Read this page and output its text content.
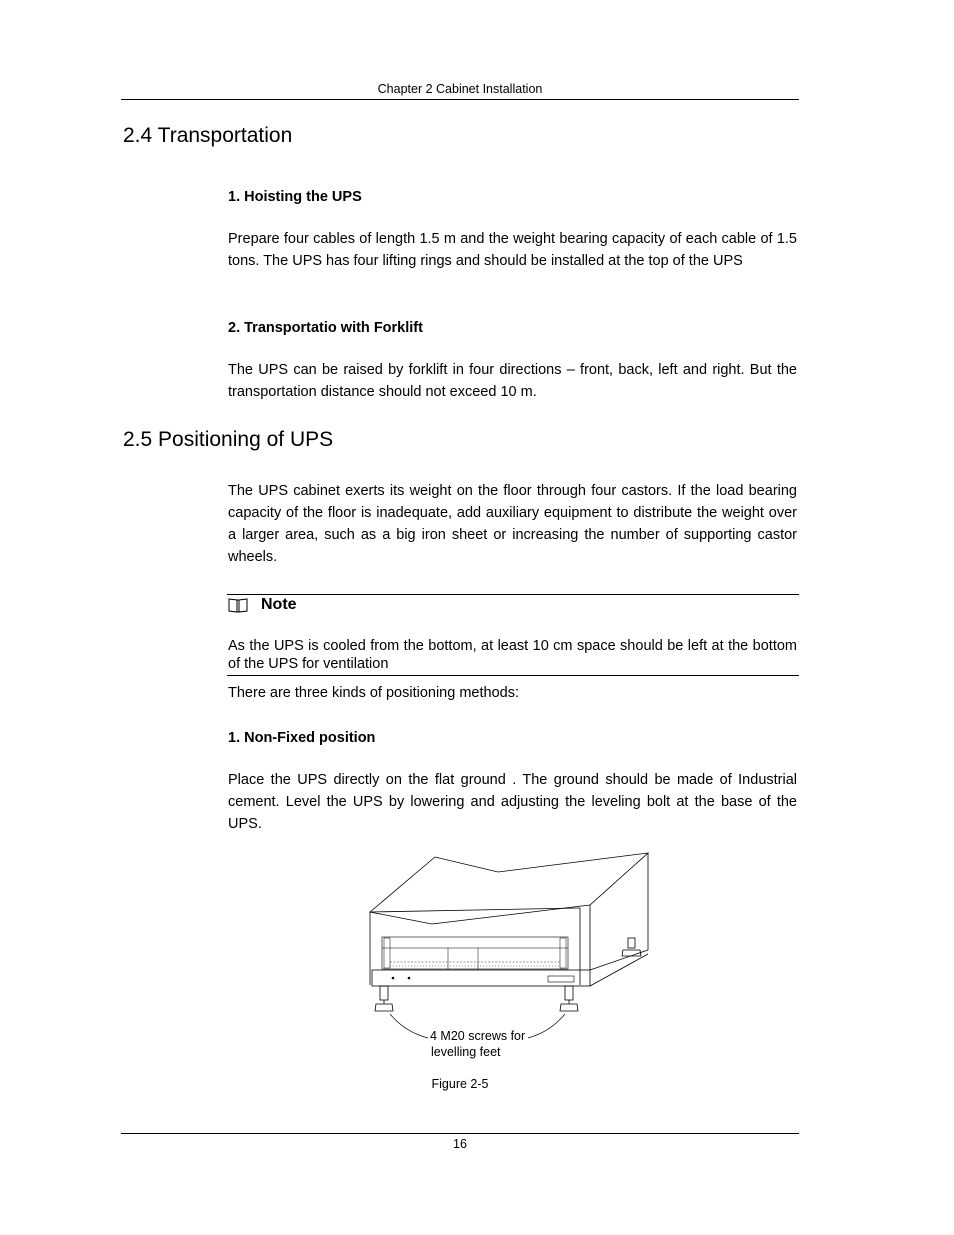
Chapter 2 Cabinet Installation
2.4 Transportation
1. Hoisting the UPS
Prepare four cables of length 1.5 m and the weight bearing capacity of each cable of 1.5 tons. The UPS has four lifting rings and should be installed at the top of the UPS
2. Transportatio with Forklift
The UPS can be raised by forklift in four directions – front, back, left and right. But the transportation distance should not exceed 10 m.
2.5 Positioning of UPS
The UPS cabinet exerts its weight on the floor through four castors. If the load bearing capacity of the floor is inadequate, add auxiliary equipment to distribute the weight over a larger area, such as a big iron sheet or increasing the number of supporting castor wheels.
Note
As the UPS is cooled from the bottom, at least 10 cm space should be left at the bottom of the UPS for ventilation
There are three kinds of positioning methods:
1. Non-Fixed position
Place the UPS directly on the flat ground . The ground should be made of Industrial cement. Level the UPS by lowering and adjusting the leveling bolt at the base of the UPS.
4 M20 screws for
levelling feet
Figure 2-5
16
